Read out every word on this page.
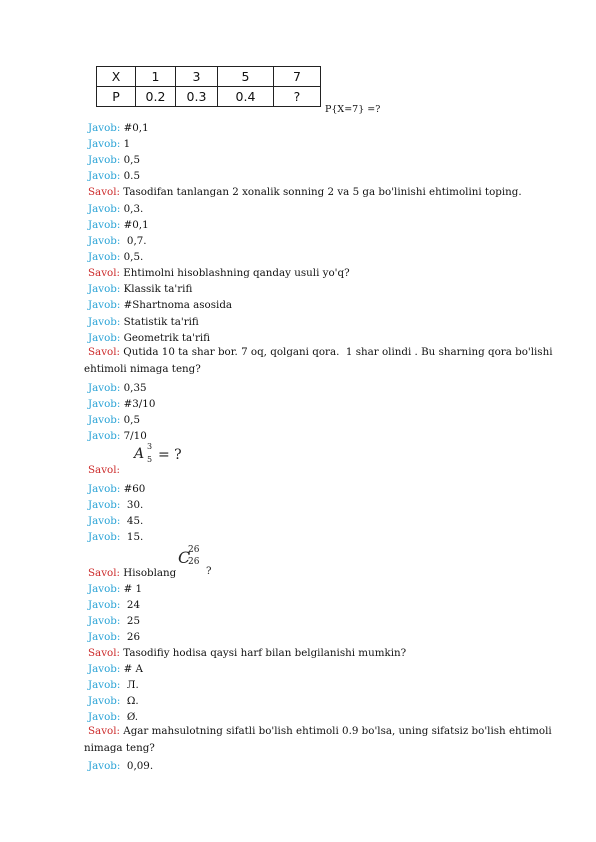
X	1	3	5	7
P	0.2	0.3	0.4	?
P{X=7} =?
Javob: #0,1
Javob: 1
Javob: 0,5
Javob: 0.5
Savol: Tasodifan tanlangan 2 xonalik sonning 2 va 5 ga bo'linishi ehtimolini toping.
Javob: 0,3.
Javob: #0,1
Javob:  0,7.
Javob: 0,5.
Savol: Ehtimolni hisoblashning qanday usuli yo'q?
Javob: Klassik ta'rifi
Javob: #Shartnoma asosida
Javob: Statistik ta'rifi
Javob: Geometrik ta'rifi
Savol: Qutida 10 ta shar bor. 7 oq, qolgani qora.  1 shar olindi . Bu sharning qora bo'lishi ehtimoli nimaga teng?
Javob: 0,35
Javob: #3/10
Javob: 0,5
Javob: 7/10
Savol:
Javob: #60
Javob:  30.
Javob:  45.
Javob:  15.
Savol: Hisoblang
Javob: # 1
Javob:  24
Javob:  25
Javob:  26
Savol: Tasodifiy hodisa qaysi harf bilan belgilanishi mumkin?
Javob: # A
Javob:  Л.
Javob:  Ω.
Javob:  Ø.
Savol: Agar mahsulotning sifatli bo'lish ehtimoli 0.9 bo'lsa, uning sifatsiz bo'lish ehtimoli nimaga teng?
Javob:  0,09.
A 3
5 = ?
C
26
26
?
